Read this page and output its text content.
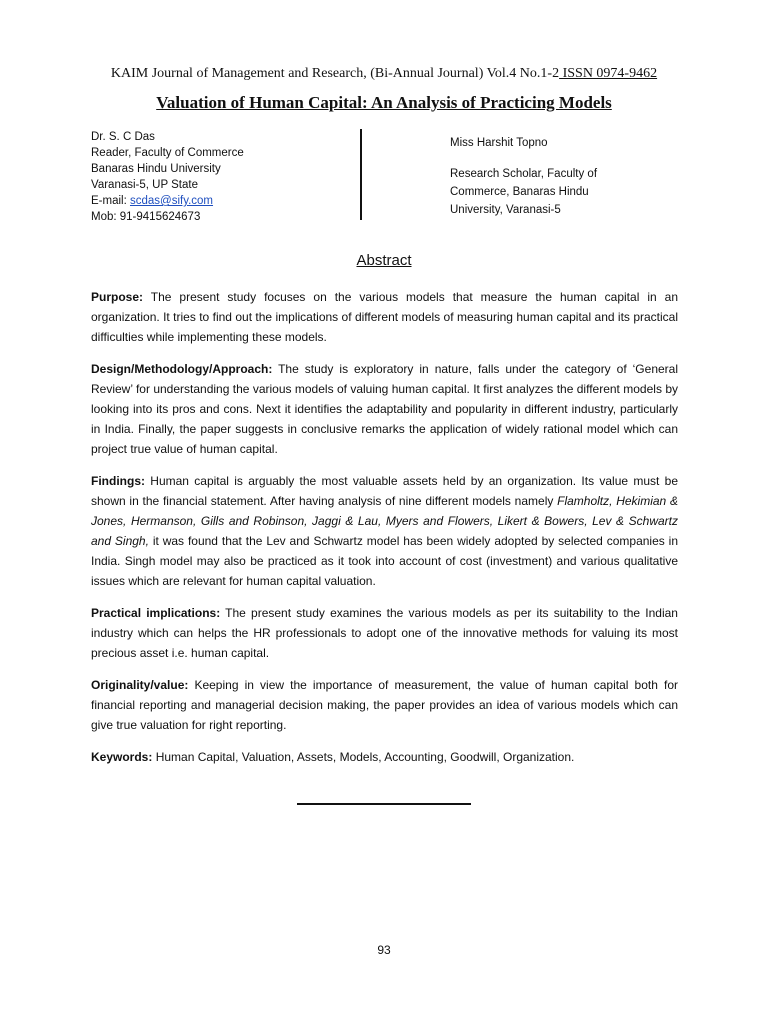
KAIM Journal of Management and Research, (Bi-Annual Journal) Vol.4 No.1-2 ISSN 0974-9462
Valuation of Human Capital: An Analysis of Practicing Models
Dr. S. C Das
Reader, Faculty of Commerce
Banaras Hindu University
Varanasi-5, UP State
E-mail: scdas@sify.com
Mob: 91-9415624673
Miss Harshit Topno
Research Scholar, Faculty of
Commerce, Banaras Hindu
University, Varanasi-5
Abstract

Purpose: The present study focuses on the various models that measure the human capital in an organization. It tries to find out the implications of different models of measuring human capital and its practical difficulties while implementing these models.

Design/Methodology/Approach: The study is exploratory in nature, falls under the category of ‘General Review’ for understanding the various models of valuing human capital. It first analyzes the different models by looking into its pros and cons. Next it identifies the adaptability and popularity in different industry, particularly in India. Finally, the paper suggests in conclusive remarks the application of widely rational model which can project true value of human capital.

Findings: Human capital is arguably the most valuable assets held by an organization. Its value must be shown in the financial statement. After having analysis of nine different models namely Flamholtz, Hekimian & Jones, Hermanson, Gills and Robinson, Jaggi & Lau, Myers and Flowers, Likert & Bowers, Lev & Schwartz and Singh, it was found that the Lev and Schwartz model has been widely adopted by selected companies in India. Singh model may also be practiced as it took into account of cost (investment) and various qualitative issues which are relevant for human capital valuation.

Practical implications: The present study examines the various models as per its suitability to the Indian industry which can helps the HR professionals to adopt one of the innovative methods for valuing its most precious asset i.e. human capital.

Originality/value: Keeping in view the importance of measurement, the value of human capital both for financial reporting and managerial decision making, the paper provides an idea of various models which can give true valuation for right reporting.

Keywords: Human Capital, Valuation, Assets, Models, Accounting, Goodwill, Organization.

93
